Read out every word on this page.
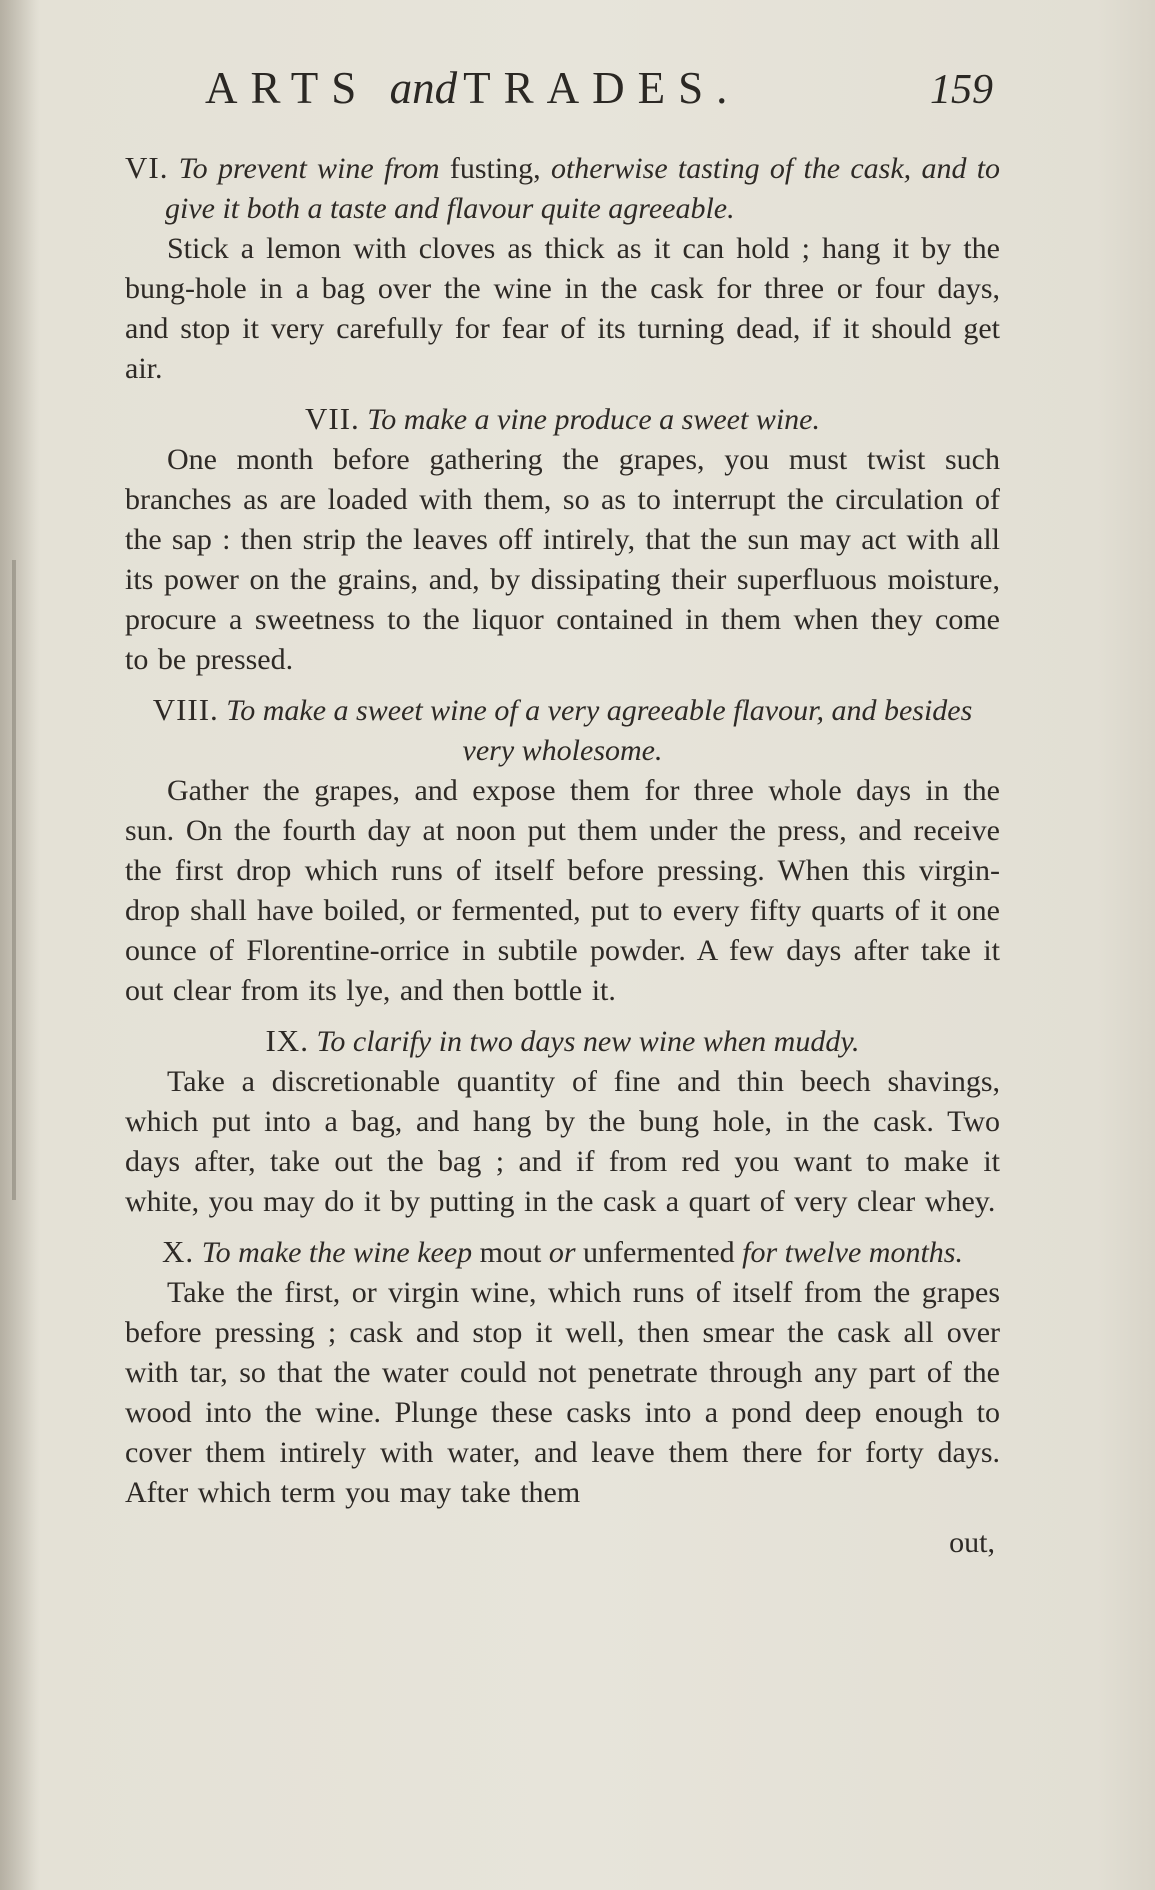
ARTS and TRADES.	159

VI. To prevent wine from fusting, otherwise tasting of the cask, and to give it both a taste and flavour quite agreeable.

Stick a lemon with cloves as thick as it can hold ; hang it by the bung-hole in a bag over the wine in the cask for three or four days, and stop it very carefully for fear of its turning dead, if it should get air.

VII. To make a vine produce a sweet wine.

One month before gathering the grapes, you must twist such branches as are loaded with them, so as to interrupt the circulation of the sap : then strip the leaves off intirely, that the sun may act with all its power on the grains, and, by dissipating their superfluous moisture, procure a sweetness to the liquor contained in them when they come to be pressed.

VIII. To make a sweet wine of a very agreeable flavour, and besides very wholesome.

Gather the grapes, and expose them for three whole days in the sun. On the fourth day at noon put them under the press, and receive the first drop which runs of itself before pressing. When this virgin-drop shall have boiled, or fermented, put to every fifty quarts of it one ounce of Florentine-orrice in subtile powder. A few days after take it out clear from its lye, and then bottle it.

IX. To clarify in two days new wine when muddy.

Take a discretionable quantity of fine and thin beech shavings, which put into a bag, and hang by the bung hole, in the cask. Two days after, take out the bag ; and if from red you want to make it white, you may do it by putting in the cask a quart of very clear whey.

X. To make the wine keep mout or unfermented for twelve months.

Take the first, or virgin wine, which runs of itself from the grapes before pressing ; cask and stop it well, then smear the cask all over with tar, so that the water could not penetrate through any part of the wood into the wine. Plunge these casks into a pond deep enough to cover them intirely with water, and leave them there for forty days. After which term you may take them

out,
